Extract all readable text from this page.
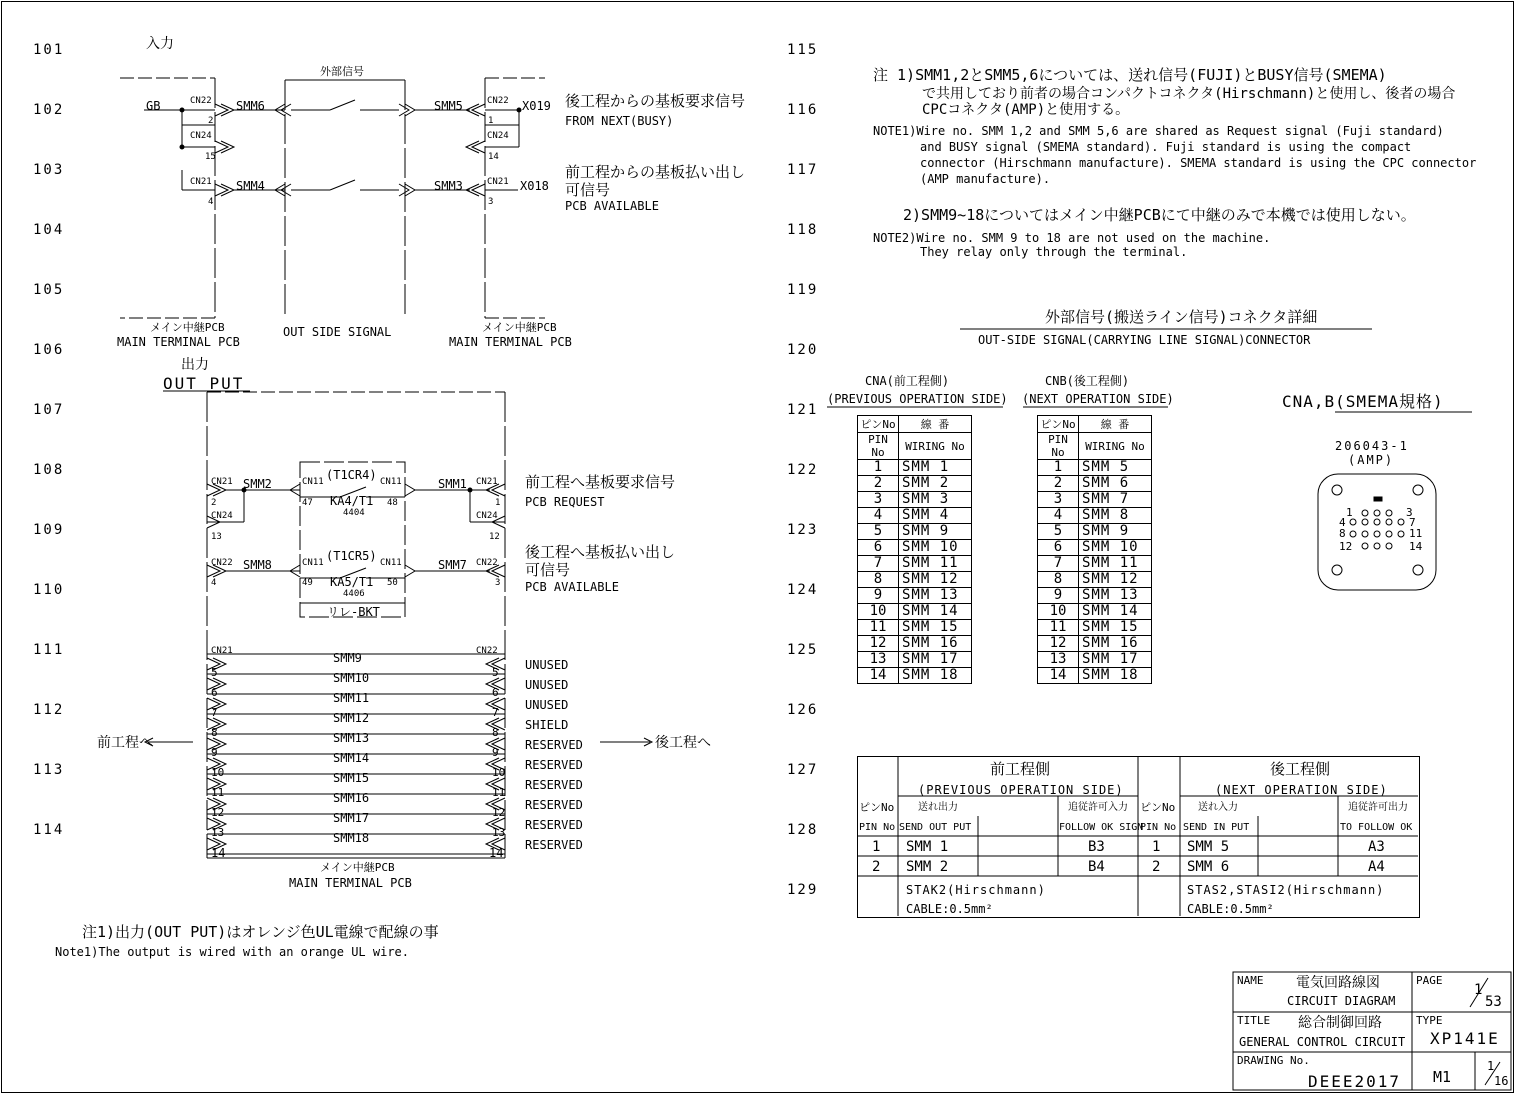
101
102
103
104
105
106
107
108
109
110
111
112
113
114
115
116
117
118
119
120
121
122
123
124
125
126
127
128
129
入力
外部信号
GB	CN22
2
CN24
15
CN21
4
SMM6
SMM4
SMM5
SMM3
CN22
1
CN24
14
CN21
3
X019
X018
後工程からの基板要求信号
FROM NEXT(BUSY)
前工程からの基板払い出し
可信号
PCB AVAILABLE
メイン中継PCB
MAIN TERMINAL PCB
OUT SIDE SIGNAL	メイン中継PCB
MAIN TERMINAL PCB
出力
OUT PUT
CN21
2
CN24
13
SMM2
CN22
4
SMM8
CN11 (T1CR4) CN11
47 KA4/T1 48
4404
CN11 (T1CR5) CN11
49 KA5/T1 50
4406
リレ-BKT
SMM1 CN21
1
CN24
12
SMM7 CN22
3
前工程へ基板要求信号
PCB REQUEST
後工程へ基板払い出し
可信号
PCB AVAILABLE
CN21	CN22
SMM9
5	5
UNUSED
SMM10
6	6
UNUSED
SMM11
7	7
UNUSED
SMM12
8	8
SHIELD
SMM13
9	9
RESERVED
SMM14
10	10
RESERVED
SMM15
11	11
RESERVED
SMM16
12	12
RESERVED
SMM17
13	13
RESERVED
SMM18	RESERVED
14	14
前工程へ	後工程へ
メイン中継PCB
MAIN TERMINAL PCB
注1)出力(OUT PUT)はオレンジ色UL電線で配線の事
Note1)The output is wired with an orange UL wire.
注 1)SMM1,2とSMM5,6については、送れ信号(FUJI)とBUSY信号(SMEMA)
で共用しており前者の場合コンパクトコネクタ(Hirschmann)と使用し、後者の場合
CPCコネクタ(AMP)と使用する。
NOTE1)Wire no. SMM 1,2 and SMM 5,6 are shared as Request signal (Fuji standard)
and BUSY signal (SMEMA standard). Fuji standard is using the compact
connector (Hirschmann manufacture). SMEMA standard is using the CPC connector
(AMP manufacture).
2)SMM9~18についてはメイン中継PCBにて中継のみで本機では使用しない。
NOTE2)Wire no. SMM 9 to 18 are not used on the machine.
They relay only through the terminal.
外部信号(搬送ライン信号)コネクタ詳細
OUT-SIDE SIGNAL(CARRYING LINE SIGNAL)CONNECTOR
CNA(前工程側)
(PREVIOUS OPERATION SIDE)
CNB(後工程側)
(NEXT OPERATION SIDE)
ピンNo	線 番
PIN No	WIRING No
1	SMM 1
2	SMM 2
3	SMM 3
4	SMM 4
5	SMM 9
6	SMM 10
7	SMM 11
8	SMM 12
9	SMM 13
10	SMM 14
11	SMM 15
12	SMM 16
13	SMM 17
14	SMM 18
ピンNo	線 番
PIN No	WIRING No
1	SMM 5
2	SMM 6
3	SMM 7
4	SMM 8
5	SMM 9
6	SMM 10
7	SMM 11
8	SMM 12
9	SMM 13
10	SMM 14
11	SMM 15
12	SMM 16
13	SMM 17
14	SMM 18
CNA,B(SMEMA規格)
206043-1
(AMP)
1	3
4	7
8	11
12	14
前工程側
(PREVIOUS OPERATION SIDE)
後工程側
(NEXT OPERATION SIDE)
ピンNo
PIN No
送れ出力
SEND OUT PUT
追従許可入力
FOLLOW OK SIGN
ピンNo
PIN No
送れ入力
SEND IN PUT
追従許可出力
TO FOLLOW OK
1 SMM 1	B3	1 SMM 5	A3
2 SMM 2	B4	2 SMM 6	A4
STAK2(Hirschmann)
CABLE:0.5mm²
STAS2,STASI2(Hirschmann)
CABLE:0.5mm²
NAME 電気回路線図
CIRCUIT DIAGRAM
PAGE
1
53
TITLE 総合制御回路
GENERAL CONTROL CIRCUIT
TYPE
XP141E
DRAWING No.
DEEE2017 M1
1
16
